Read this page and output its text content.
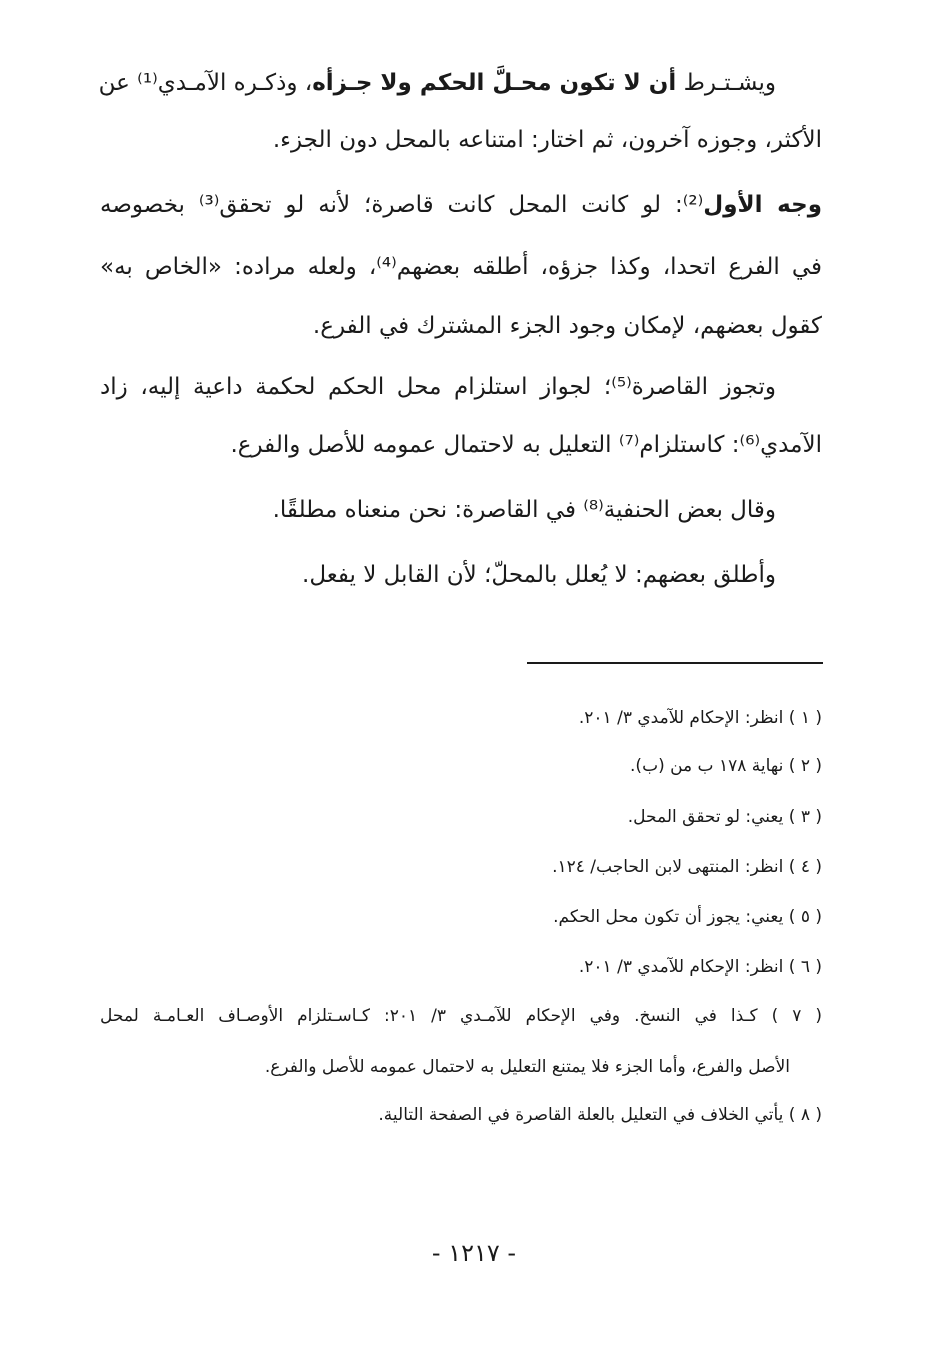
ويشـتـرط أن لا تكون محـلَّ الحكم ولا جـزأه، وذكـره الآمـدي⁽¹⁾ عن
الأكثر، وجوزه آخرون، ثم اختار: امتناعه بالمحل دون الجزء.
وجه الأول⁽²⁾: لو كانت المحل كانت قاصرة؛ لأنه لو تحقق⁽³⁾ بخصوصه
في الفرع اتحدا، وكذا جزؤه، أطلقه بعضهم⁽⁴⁾، ولعله مراده: «الخاص به»
كقول بعضهم، لإمكان وجود الجزء المشترك في الفرع.
وتجوز القاصرة⁽⁵⁾؛ لجواز استلزام محل الحكم لحكمة داعية إليه، زاد
الآمدي⁽⁶⁾: كاستلزام⁽⁷⁾ التعليل به لاحتمال عمومه للأصل والفرع.
وقال بعض الحنفية⁽⁸⁾ في القاصرة: نحن منعناه مطلقًا.
وأطلق بعضهم: لا يُعلل بالمحلّ؛ لأن القابل لا يفعل.
( ١ ) انظر: الإحكام للآمدي ٣/ ٢٠١.
( ٢ ) نهاية ١٧٨ ب من (ب).
( ٣ ) يعني: لو تحقق المحل.
( ٤ ) انظر: المنتهى لابن الحاجب/ ١٢٤.
( ٥ ) يعني: يجوز أن تكون محل الحكم.
( ٦ ) انظر: الإحكام للآمدي ٣/ ٢٠١.
( ٧ ) كـذا في النسخ. وفي الإحكام للآمـدي ٣/ ٢٠١: كـاسـتلزام الأوصـاف العـامـة لمحل
الأصل والفرع، وأما الجزء فلا يمتنع التعليل به لاحتمال عمومه للأصل والفرع.
( ٨ ) يأتي الخلاف في التعليل بالعلة القاصرة في الصفحة التالية.
- ١٢١٧ -
